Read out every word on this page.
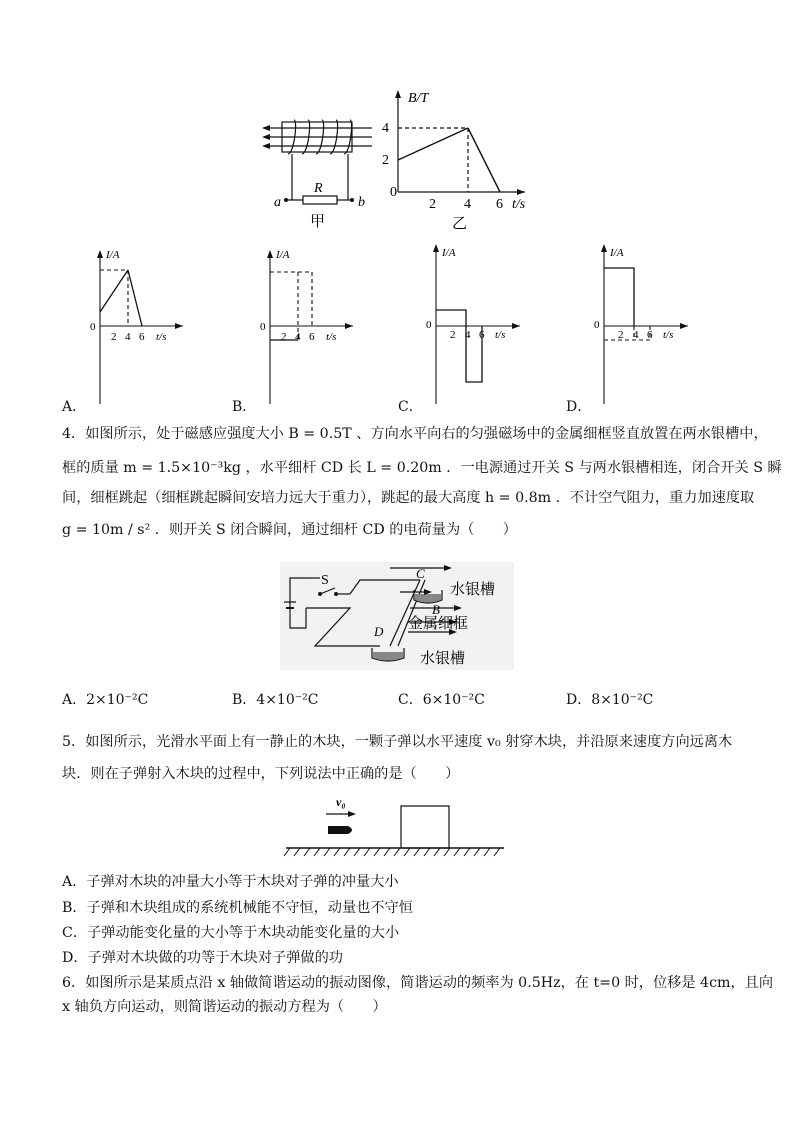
R
a	b
甲
B/T
2
4
0
2 4 6 t/s
乙
I/A
0
2 4 6 t/s
A．
I/A
0
2 4 6 t/s
B．
I/A
0
2 4 6 t/s
C．
I/A
0
2 4 6 t/s
D．
4．如图所示，处于磁感应强度大小 B = 0.5T 、方向水平向右的匀强磁场中的金属细框竖直放置在两水银槽中，
框的质量 m = 1.5×10⁻³kg ，水平细杆 CD 长 L = 0.20m ．一电源通过开关 S 与两水银槽相连，闭合开关 S 瞬
间，细框跳起（细框跳起瞬间安培力远大于重力），跳起的最大高度 h = 0.8m ．不计空气阻力，重力加速度取
g = 10m / s² ．则开关 S 闭合瞬间，通过细杆 CD 的电荷量为（　　）
S	C
B
D
水银槽
金属细框
水银槽
A．2×10⁻²C	B．4×10⁻²C	C．6×10⁻²C	D．8×10⁻²C
5．如图所示，光滑水平面上有一静止的木块，一颗子弹以水平速度 v₀ 射穿木块，并沿原来速度方向远离木
块．则在子弹射入木块的过程中，下列说法中正确的是（　　）
v₀
A．子弹对木块的冲量大小等于木块对子弹的冲量大小
B．子弹和木块组成的系统机械能不守恒，动量也不守恒
C．子弹动能变化量的大小等于木块动能变化量的大小
D．子弹对木块做的功等于木块对子弹做的功
6．如图所示是某质点沿 x 轴做简谐运动的振动图像，简谐运动的频率为 0.5Hz，在 t=0 时，位移是 4cm，且向
x 轴负方向运动，则简谐运动的振动方程为（　　）
